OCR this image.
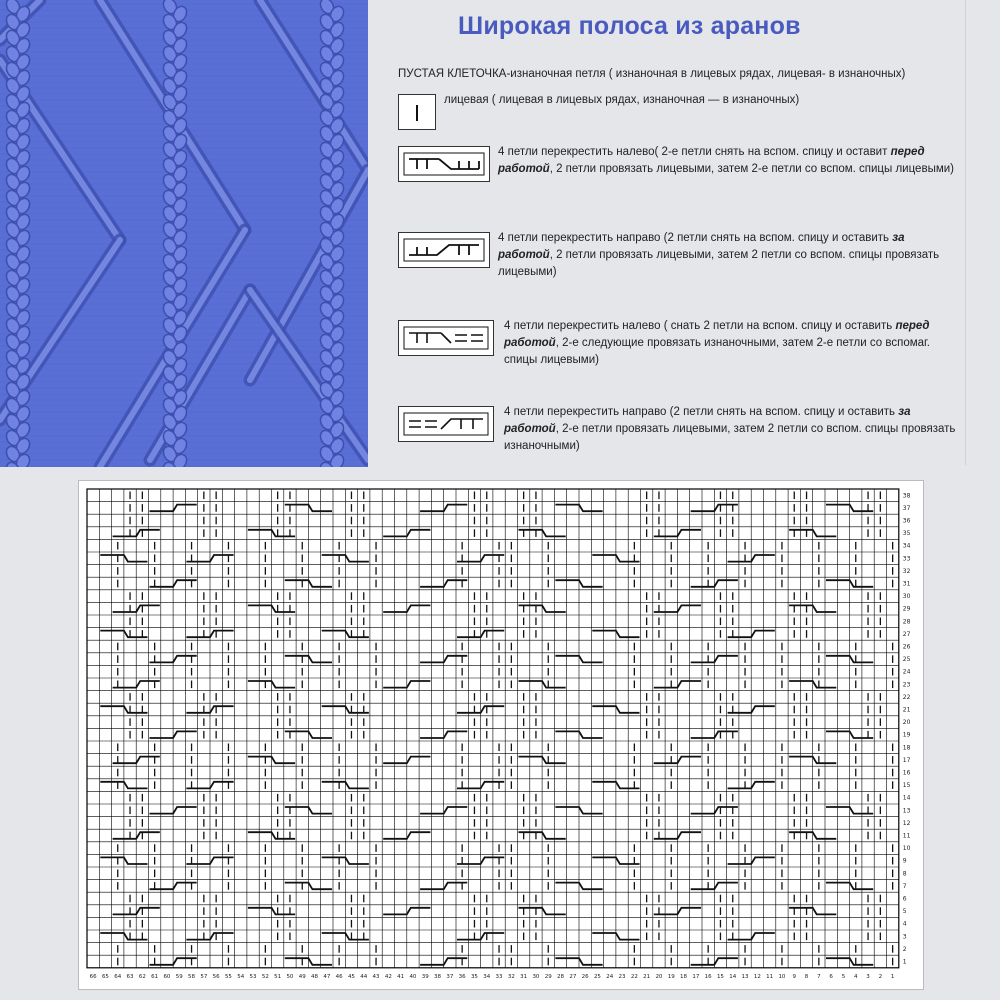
Широкая полоса из аранов
ПУСТАЯ КЛЕТОЧКА-изнаночная петля ( изнаночная в лицевых рядах, лицевая- в изнаночных)
лицевая ( лицевая в лицевых рядах, изнаночная — в изнаночных)
4 петли перекрестить налево( 2-е петли снять на вспом. спицу и оставит перед работой, 2 петли провязать лицевыми, затем 2-е петли со вспом. спицы лицевыми)
4 петли перекрестить направо (2 петли снять на вспом. спицу и оставить за работой, 2 петли провязать лицевыми, затем 2 петли со вспом. спицы провязать лицевыми)
4 петли перекрестить налево ( снать 2 петли на вспом. спицу и оставить перед работой, 2-е следующие провязать изнаночными, затем 2-е петли со вспомаг. спицы лицевыми)
4 петли перекрестить направо (2 петли снять на вспом. спицу и оставить за работой, 2-е петли провязать лицевыми, затем 2 петли со вспом. спицы провязать изнаночными)
38
37
36
35
34
33
32
31
30
29
28
27
26
25
24
23
22
21
20
19
18
17
16
15
14
13
12
11
10
9
8
7
6
5
4
3
2
1
66 65 64 63 62 61 60 59 58 57 56 55 54 53 52 51 50 49 48 47 46 45 44 43 42 41 40 39 38 37 36 35 34 33 32 31 30 29 28 27 26 25 24 23 22 21 20 19 18 17 16 15 14 13 12 11 10 9 8 7 6 5 4 3 2 1
